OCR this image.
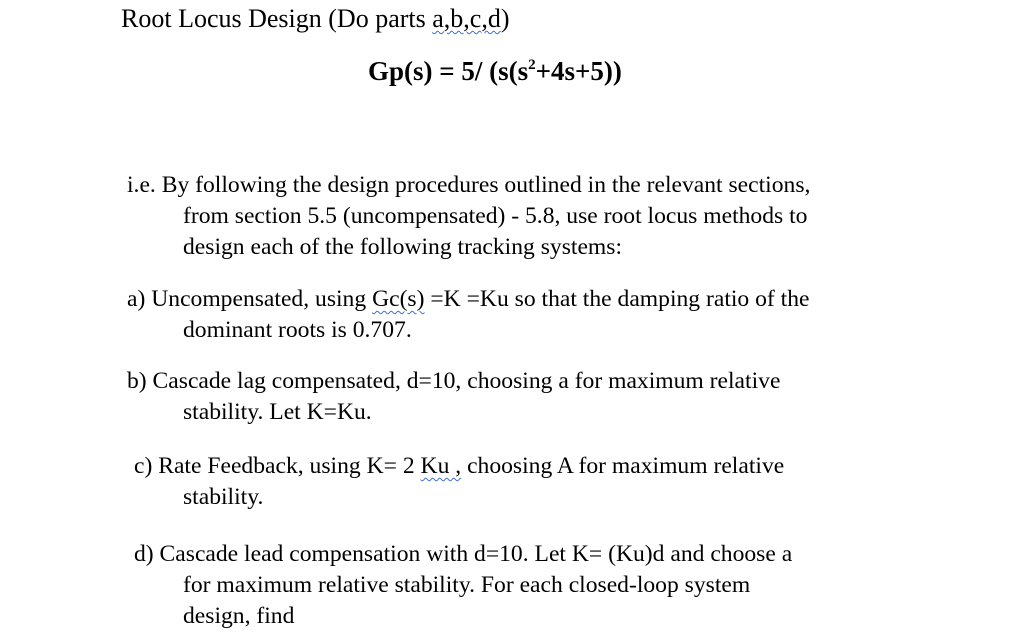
Root Locus Design (Do parts a,b,c,d)
Gp(s) = 5/ $(s(s^2+4s+5))$
i.e. By following the design procedures outlined in the relevant sections,
from section 5.5 (uncompensated) - 5.8, use root locus methods to
design each of the following tracking systems:
a) Uncompensated, using Gc(s) =K =Ku so that the damping ratio of the
dominant roots is 0.707.
b) Cascade lag compensated, d=10, choosing a for maximum relative
stability. Let K=Ku.
c) Rate Feedback, using K= 2 Ku , choosing A for maximum relative
stability.
d) Cascade lead compensation with d=10. Let K= (Ku)d and choose a
for maximum relative stability. For each closed-loop system
design, find
